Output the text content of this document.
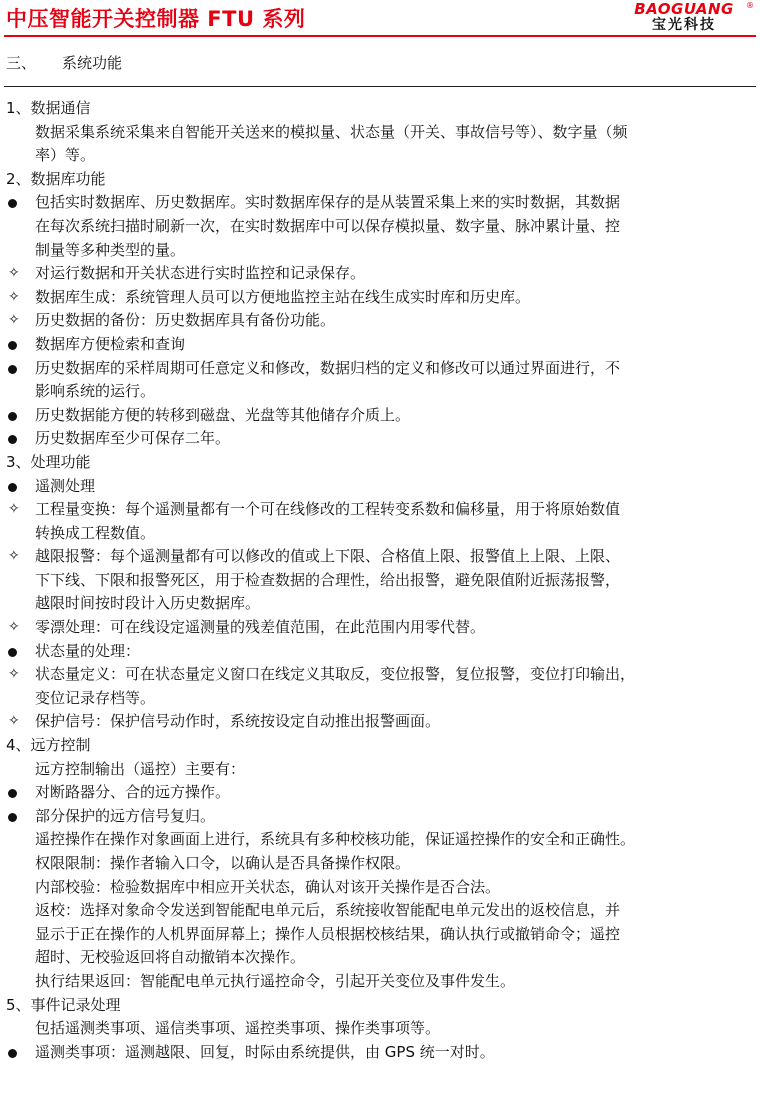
中压智能开关控制器 FTU 系列	BAOGUANG	®
宝光科技
三、 系统功能
1、数据通信
数据采集系统采集来自智能开关送来的模拟量、状态量（开关、事故信号等）、数字量（频
率）等。
2、数据库功能
包括实时数据库、历史数据库。实时数据库保存的是从装置采集上来的实时数据，其数据
在每次系统扫描时刷新一次，在实时数据库中可以保存模拟量、数字量、脉冲累计量、控
制量等多种类型的量。
✧	对运行数据和开关状态进行实时监控和记录保存。
✧	数据库生成：系统管理人员可以方便地监控主站在线生成实时库和历史库。
✧	历史数据的备份：历史数据库具有备份功能。
数据库方便检索和查询
历史数据库的采样周期可任意定义和修改，数据归档的定义和修改可以通过界面进行，不
影响系统的运行。
历史数据能方便的转移到磁盘、光盘等其他储存介质上。
历史数据库至少可保存二年。
3、处理功能
遥测处理
✧	工程量变换：每个遥测量都有一个可在线修改的工程转变系数和偏移量，用于将原始数值
转换成工程数值。
✧	越限报警：每个遥测量都有可以修改的值或上下限、合格值上限、报警值上上限、上限、
下下线、下限和报警死区，用于检查数据的合理性，给出报警，避免限值附近振荡报警，
越限时间按时段计入历史数据库。
✧	零漂处理：可在线设定遥测量的残差值范围，在此范围内用零代替。
状态量的处理：
✧	状态量定义：可在状态量定义窗口在线定义其取反，变位报警，复位报警，变位打印输出，
变位记录存档等。
✧	保护信号：保护信号动作时，系统按设定自动推出报警画面。
4、远方控制
远方控制输出（遥控）主要有：
对断路器分、合的远方操作。
部分保护的远方信号复归。
遥控操作在操作对象画面上进行，系统具有多种校核功能，保证遥控操作的安全和正确性。
权限限制：操作者输入口令，以确认是否具备操作权限。
内部校验：检验数据库中相应开关状态，确认对该开关操作是否合法。
返校：选择对象命令发送到智能配电单元后，系统接收智能配电单元发出的返校信息，并
显示于正在操作的人机界面屏幕上；操作人员根据校核结果，确认执行或撤销命令；遥控
超时、无校验返回将自动撤销本次操作。
执行结果返回：智能配电单元执行遥控命令，引起开关变位及事件发生。
5、事件记录处理
包括遥测类事项、遥信类事项、遥控类事项、操作类事项等。
遥测类事项：遥测越限、回复，时际由系统提供，由 GPS 统一对时。
